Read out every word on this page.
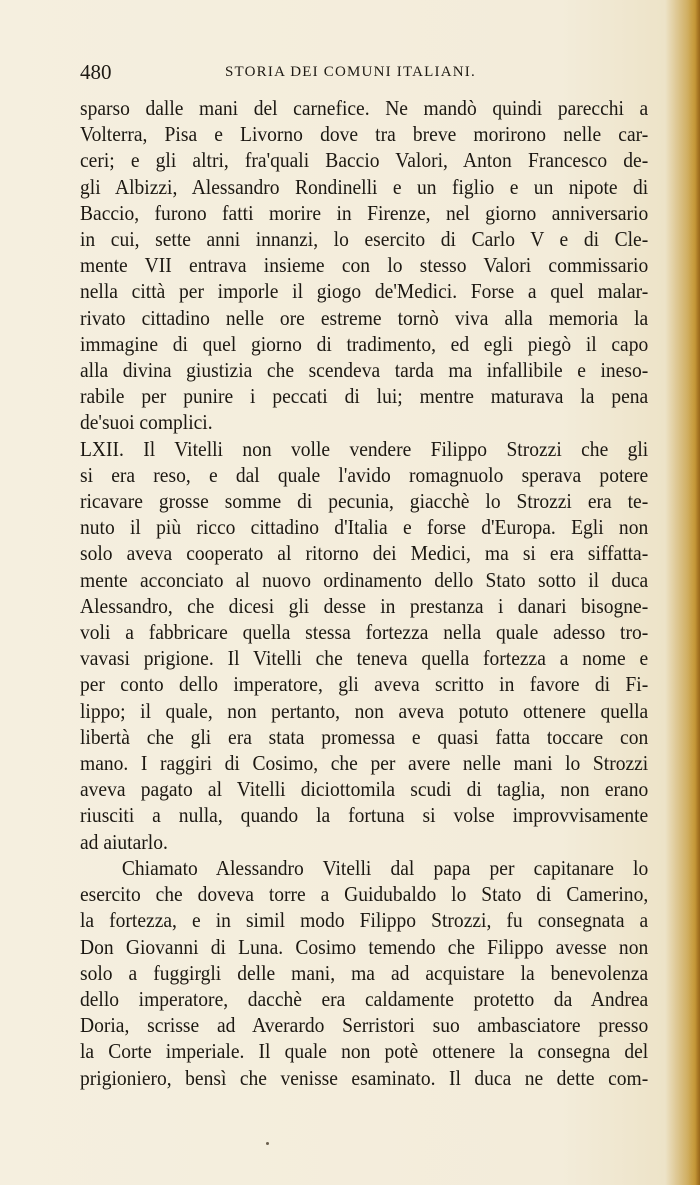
480	STORIA DEI COMUNI ITALIANI.
sparso dalle mani del carnefice. Ne mandò quindi parecchi a
Volterra, Pisa e Livorno dove tra breve morirono nelle car-
ceri; e gli altri, fra'quali Baccio Valori, Anton Francesco de-
gli Albizzi, Alessandro Rondinelli e un figlio e un nipote di
Baccio, furono fatti morire in Firenze, nel giorno anniversario
in cui, sette anni innanzi, lo esercito di Carlo V e di Cle-
mente VII entrava insieme con lo stesso Valori commissario
nella città per imporle il giogo de'Medici. Forse a quel malar-
rivato cittadino nelle ore estreme tornò viva alla memoria la
immagine di quel giorno di tradimento, ed egli piegò il capo
alla divina giustizia che scendeva tarda ma infallibile e ineso-
rabile per punire i peccati di lui; mentre maturava la pena
de'suoi complici.
LXII. Il Vitelli non volle vendere Filippo Strozzi che gli
si era reso, e dal quale l'avido romagnuolo sperava potere
ricavare grosse somme di pecunia, giacchè lo Strozzi era te-
nuto il più ricco cittadino d'Italia e forse d'Europa. Egli non
solo aveva cooperato al ritorno dei Medici, ma si era siffatta-
mente acconciato al nuovo ordinamento dello Stato sotto il duca
Alessandro, che dicesi gli desse in prestanza i danari bisogne-
voli a fabbricare quella stessa fortezza nella quale adesso tro-
vavasi prigione. Il Vitelli che teneva quella fortezza a nome e
per conto dello imperatore, gli aveva scritto in favore di Fi-
lippo; il quale, non pertanto, non aveva potuto ottenere quella
libertà che gli era stata promessa e quasi fatta toccare con
mano. I raggiri di Cosimo, che per avere nelle mani lo Strozzi
aveva pagato al Vitelli diciottomila scudi di taglia, non erano
riusciti a nulla, quando la fortuna si volse improvvisamente
ad aiutarlo.
Chiamato Alessandro Vitelli dal papa per capitanare lo
esercito che doveva torre a Guidubaldo lo Stato di Camerino,
la fortezza, e in simil modo Filippo Strozzi, fu consegnata a
Don Giovanni di Luna. Cosimo temendo che Filippo avesse non
solo a fuggirgli delle mani, ma ad acquistare la benevolenza
dello imperatore, dacchè era caldamente protetto da Andrea
Doria, scrisse ad Averardo Serristori suo ambasciatore presso
la Corte imperiale. Il quale non potè ottenere la consegna del
prigioniero, bensì che venisse esaminato. Il duca ne dette com-
